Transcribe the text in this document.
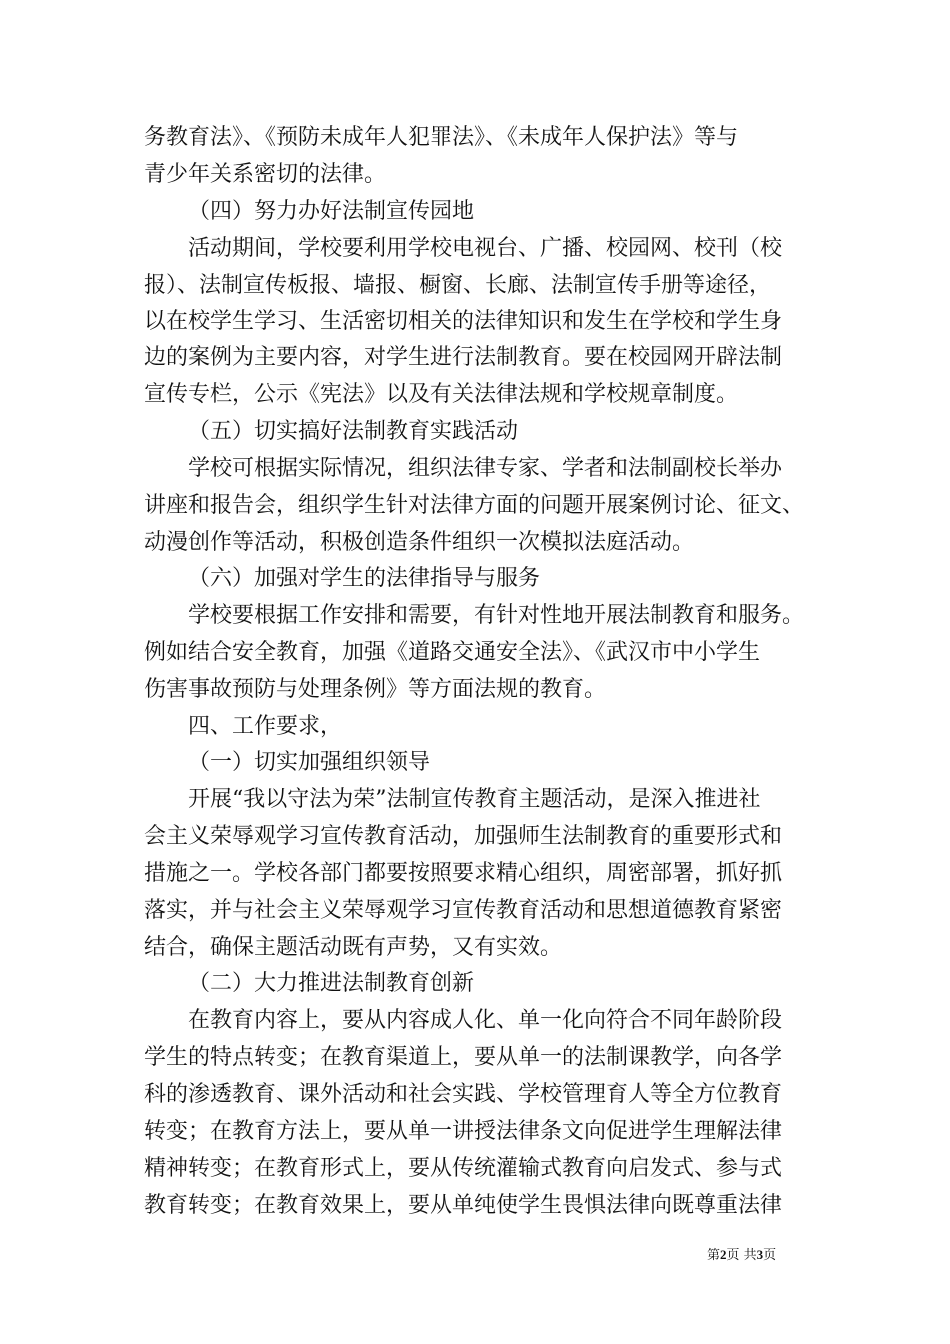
务教育法》、《预防未成年人犯罪法》、《未成年人保护法》等与
青少年关系密切的法律。
（四）努力办好法制宣传园地
活动期间，学校要利用学校电视台、广播、校园网、校刊（校
报）、法制宣传板报、墙报、橱窗、长廊、法制宣传手册等途径，
以在校学生学习、生活密切相关的法律知识和发生在学校和学生身
边的案例为主要内容，对学生进行法制教育。要在校园网开辟法制
宣传专栏，公示《宪法》以及有关法律法规和学校规章制度。
（五）切实搞好法制教育实践活动
学校可根据实际情况，组织法律专家、学者和法制副校长举办
讲座和报告会，组织学生针对法律方面的问题开展案例讨论、征文、
动漫创作等活动，积极创造条件组织一次模拟法庭活动。
（六）加强对学生的法律指导与服务
学校要根据工作安排和需要，有针对性地开展法制教育和服务。
例如结合安全教育，加强《道路交通安全法》、《武汉市中小学生
伤害事故预防与处理条例》等方面法规的教育。
四、工作要求，
（一）切实加强组织领导
开展“我以守法为荣”法制宣传教育主题活动，是深入推进社
会主义荣辱观学习宣传教育活动，加强师生法制教育的重要形式和
措施之一。学校各部门都要按照要求精心组织，周密部署，抓好抓
落实，并与社会主义荣辱观学习宣传教育活动和思想道德教育紧密
结合，确保主题活动既有声势，又有实效。
（二）大力推进法制教育创新
在教育内容上，要从内容成人化、单一化向符合不同年龄阶段
学生的特点转变；在教育渠道上，要从单一的法制课教学，向各学
科的渗透教育、课外活动和社会实践、学校管理育人等全方位教育
转变；在教育方法上，要从单一讲授法律条文向促进学生理解法律
精神转变；在教育形式上，要从传统灌输式教育向启发式、参与式
教育转变；在教育效果上，要从单纯使学生畏惧法律向既尊重法律
第2页 共3页
